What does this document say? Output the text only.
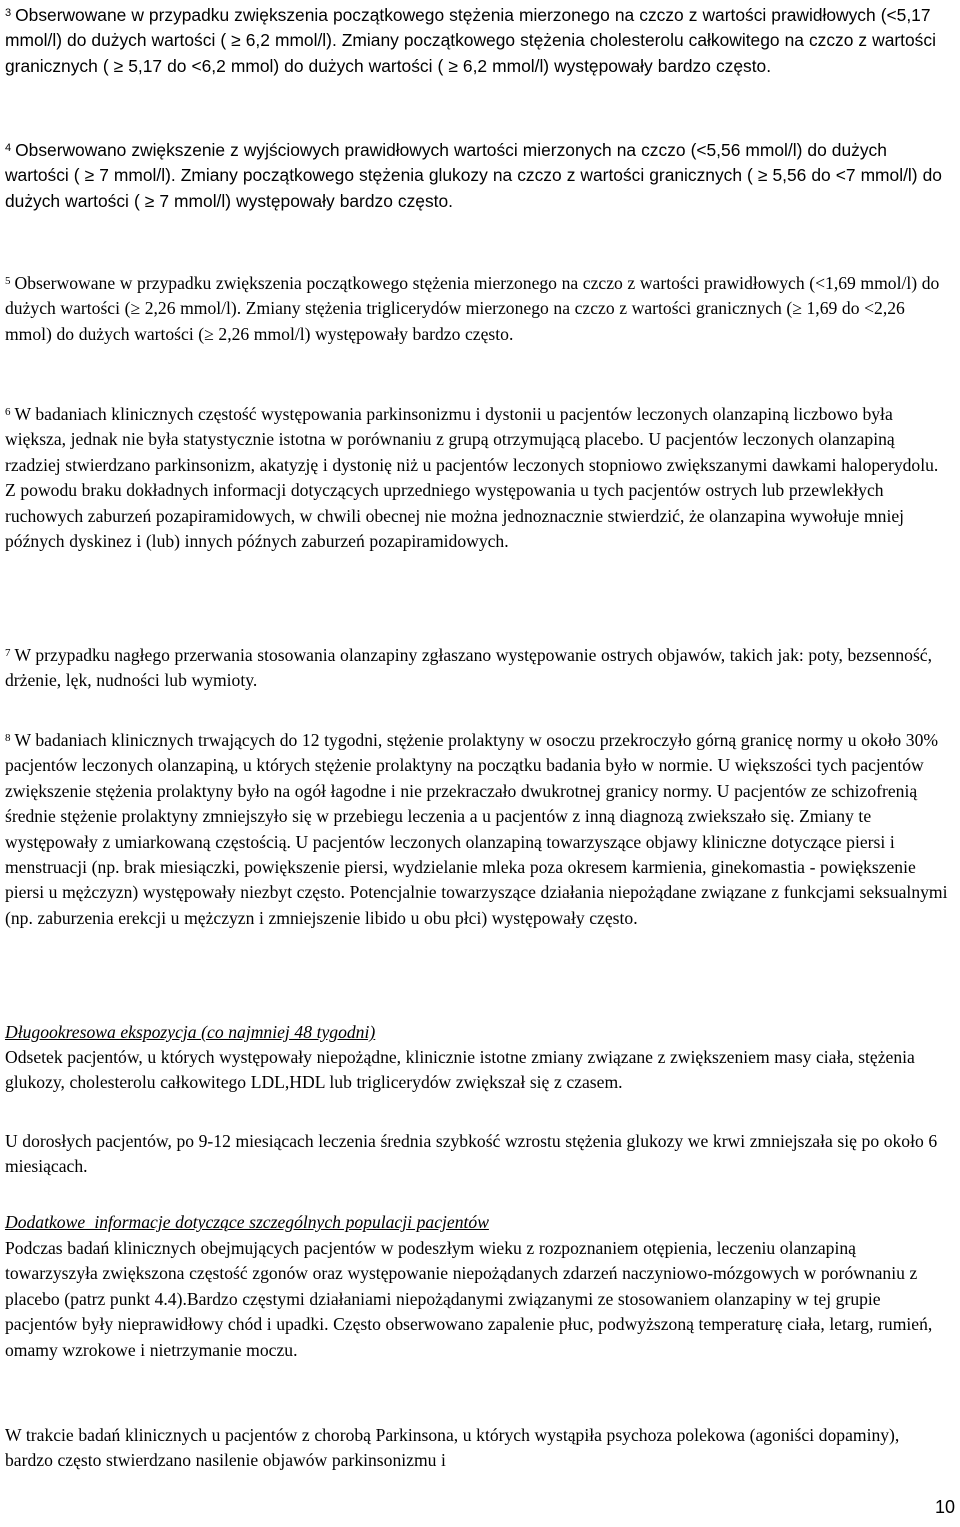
$^3$ Obserwowane w przypadku zwiększenia początkowego stężenia mierzonego na czczo z wartości prawidłowych (<5,17 mmol/l) do dużych wartości ( ≥ 6,2 mmol/l). Zmiany początkowego stężenia cholesterolu całkowitego na czczo z wartości granicznych ( ≥ 5,17 do <6,2 mmol) do dużych wartości ( ≥ 6,2 mmol/l) występowały bardzo często.

$^4$ Obserwowano zwiększenie z wyjściowych prawidłowych wartości mierzonych na czczo (<5,56 mmol/l) do dużych wartości ( ≥ 7 mmol/l). Zmiany początkowego stężenia glukozy na czczo z wartości granicznych ( ≥ 5,56 do <7 mmol/l) do dużych wartości ( ≥ 7 mmol/l) występowały bardzo często.

$^5$ Obserwowane w przypadku zwiększenia początkowego stężenia mierzonego na czczo z wartości prawidłowych (<1,69 mmol/l) do dużych wartości (≥ 2,26 mmol/l). Zmiany stężenia triglicerydów mierzonego na czczo z wartości granicznych (≥ 1,69 do <2,26 mmol) do dużych wartości (≥ 2,26 mmol/l) występowały bardzo często.

$^6$ W badaniach klinicznych częstość występowania parkinsonizmu i dystonii u pacjentów leczonych olanzapiną liczbowo była większa, jednak nie była statystycznie istotna w porównaniu z grupą otrzymującą placebo. U pacjentów leczonych olanzapiną rzadziej stwierdzano parkinsonizm, akatyzję i dystonię niż u pacjentów leczonych stopniowo zwiększanymi dawkami haloperydolu. Z powodu braku dokładnych informacji dotyczących uprzedniego występowania u tych pacjentów ostrych lub przewlekłych ruchowych zaburzeń pozapiramidowych, w chwili obecnej nie można jednoznacznie stwierdzić, że olanzapina wywołuje mniej późnych dyskinez i (lub) innych późnych zaburzeń pozapiramidowych.

$^7$ W przypadku nagłego przerwania stosowania olanzapiny zgłaszano występowanie ostrych objawów, takich jak: poty, bezsenność, drżenie, lęk, nudności lub wymioty.

$^8$ W badaniach klinicznych trwających do 12 tygodni, stężenie prolaktyny w osoczu przekroczyło górną granicę normy u około 30% pacjentów leczonych olanzapiną, u których stężenie prolaktyny na początku badania było w normie. U większości tych pacjentów zwiększenie stężenia prolaktyny było na ogół łagodne i nie przekraczało dwukrotnej granicy normy. U pacjentów ze schizofrenią średnie stężenie prolaktyny zmniejszyło się w przebiegu leczenia a u pacjentów z inną diagnozą zwiekszało się. Zmiany te występowały z umiarkowaną częstością. U pacjentów leczonych olanzapiną towarzyszące objawy kliniczne dotyczące piersi i menstruacji (np. brak miesiączki, powiększenie piersi, wydzielanie mleka poza okresem karmienia, ginekomastia - powiększenie piersi u mężczyzn) występowały niezbyt często. Potencjalnie towarzyszące działania niepożądane związane z funkcjami seksualnymi (np. zaburzenia erekcji u mężczyzn i zmniejszenie libido u obu płci) występowały często.

Długookresowa ekspozycja (co najmniej 48 tygodni)

Odsetek pacjentów, u których występowały niepożądne, klinicznie istotne zmiany związane z zwiększeniem masy ciała, stężenia glukozy, cholesterolu całkowitego LDL,HDL lub triglicerydów zwiększał się z czasem.

U dorosłych pacjentów, po 9-12 miesiącach leczenia średnia szybkość wzrostu stężenia glukozy we krwi zmniejszała się po około 6 miesiącach.

Dodatkowe  informacje dotyczące szczególnych populacji pacjentów

Podczas badań klinicznych obejmujących pacjentów w podeszłym wieku z rozpoznaniem otępienia, leczeniu olanzapiną towarzyszyła zwiększona częstość zgonów oraz występowanie niepożądanych zdarzeń naczyniowo-mózgowych w porównaniu z placebo (patrz punkt 4.4).Bardzo częstymi działaniami niepożądanymi związanymi ze stosowaniem olanzapiny w tej grupie pacjentów były nieprawidłowy chód i upadki. Często obserwowano zapalenie płuc, podwyższoną temperaturę ciała, letarg, rumień, omamy wzrokowe i nietrzymanie moczu.

W trakcie badań klinicznych u pacjentów z chorobą Parkinsona, u których wystąpiła psychoza polekowa (agoniści dopaminy), bardzo często stwierdzano nasilenie objawów parkinsonizmu i

10
